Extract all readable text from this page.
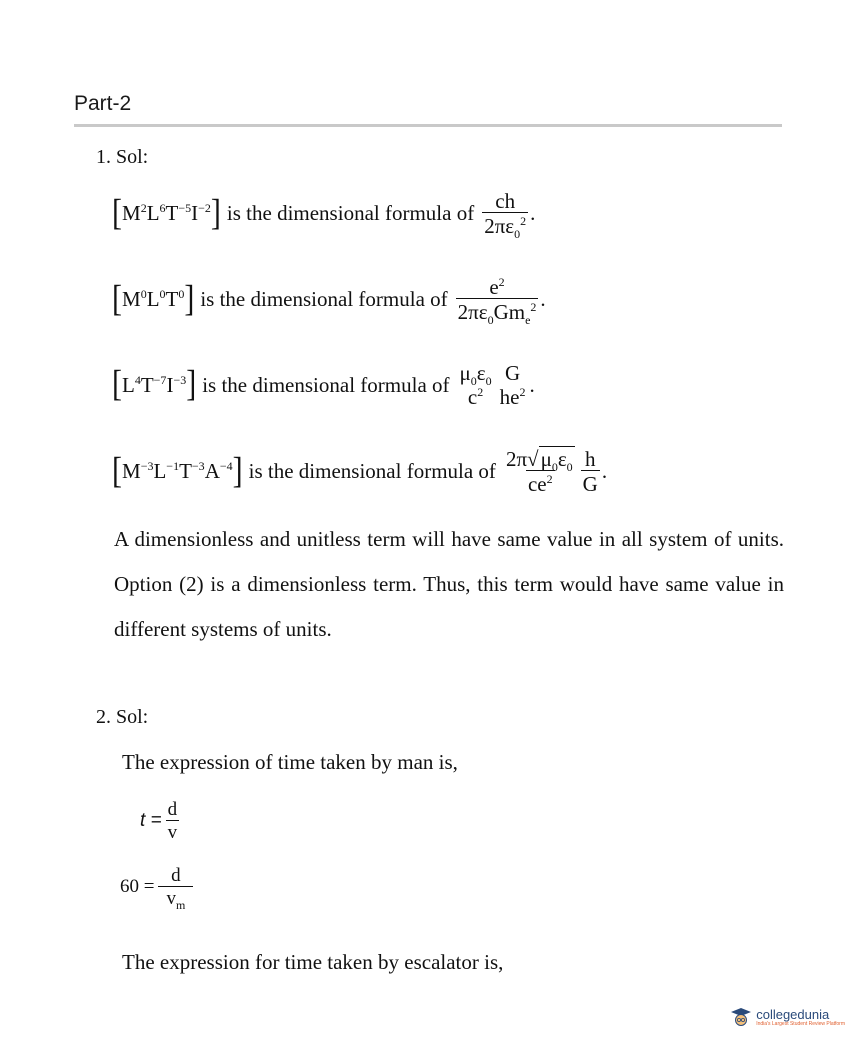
Part-2
1. Sol:
[ $M^2L^6T^{-5}I^{-2}$ ] is the dimensional formula of $\frac{ch}{2\pi\varepsilon_0^2}$ .
[ $M^0L^0T^0$ ] is the dimensional formula of $\frac{e^2}{2\pi\varepsilon_0Gm_e^2}$ .
[ $L^4T^{-7}I^{-3}$ ] is the dimensional formula of $\mu_0\varepsilon_0$
$c^2$
G
$he^2$ .
[ $M^{-3}L^{-1}T^{-3}A^{-4}$ ] is the dimensional formula of $\frac{2\pi√\mu_0\varepsilon_0}{ce^2} \frac{h}{G}$ .
A dimensionless and unitless term will have same value in all system of units. Option (2) is a dimensionless term. Thus, this term would have same value in different systems of units.
2. Sol:
The expression of time taken by man is,
$t = \frac{d}{v}$
$60 = \frac{d}{v_m}$
The expression for time taken by escalator is,
collegedunia
India's Largest Student Review Platform
